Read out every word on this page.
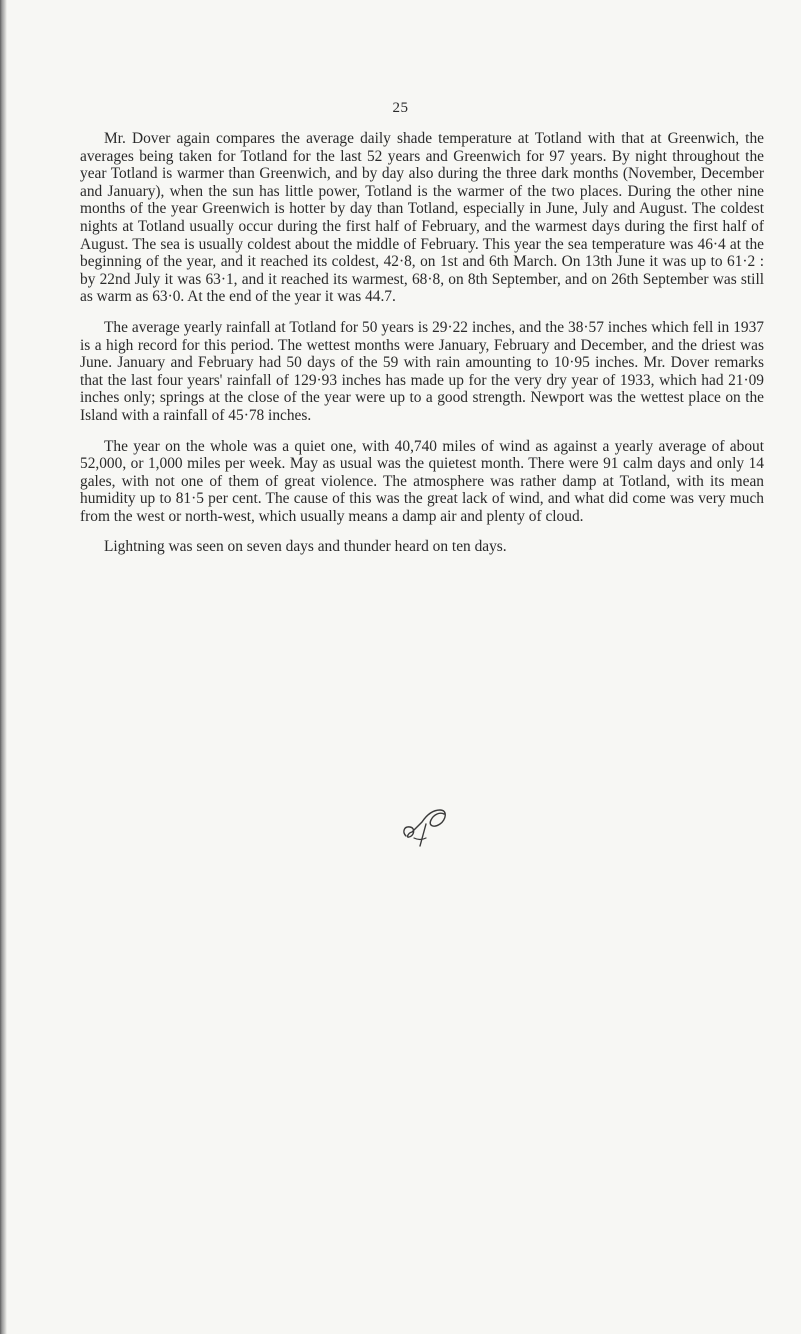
25

Mr. Dover again compares the average daily shade temperature at Totland with that at Greenwich, the averages being taken for Totland for the last 52 years and Greenwich for 97 years. By night throughout the year Totland is warmer than Greenwich, and by day also during the three dark months (November, December and January), when the sun has little power, Totland is the warmer of the two places. During the other nine months of the year Greenwich is hotter by day than Totland, especially in June, July and August. The coldest nights at Totland usually occur during the first half of February, and the warmest days during the first half of August. The sea is usually coldest about the middle of February. This year the sea temperature was 46·4 at the beginning of the year, and it reached its coldest, 42·8, on 1st and 6th March. On 13th June it was up to 61·2 : by 22nd July it was 63·1, and it reached its warmest, 68·8, on 8th September, and on 26th September was still as warm as 63·0. At the end of the year it was 44.7.

The average yearly rainfall at Totland for 50 years is 29·22 inches, and the 38·57 inches which fell in 1937 is a high record for this period. The wettest months were January, February and December, and the driest was June. January and February had 50 days of the 59 with rain amounting to 10·95 inches. Mr. Dover remarks that the last four years' rainfall of 129·93 inches has made up for the very dry year of 1933, which had 21·09 inches only; springs at the close of the year were up to a good strength. Newport was the wettest place on the Island with a rainfall of 45·78 inches.

The year on the whole was a quiet one, with 40,740 miles of wind as against a yearly average of about 52,000, or 1,000 miles per week. May as usual was the quietest month. There were 91 calm days and only 14 gales, with not one of them of great violence. The atmosphere was rather damp at Totland, with its mean humidity up to 81·5 per cent. The cause of this was the great lack of wind, and what did come was very much from the west or north-west, which usually means a damp air and plenty of cloud.

Lightning was seen on seven days and thunder heard on ten days.
